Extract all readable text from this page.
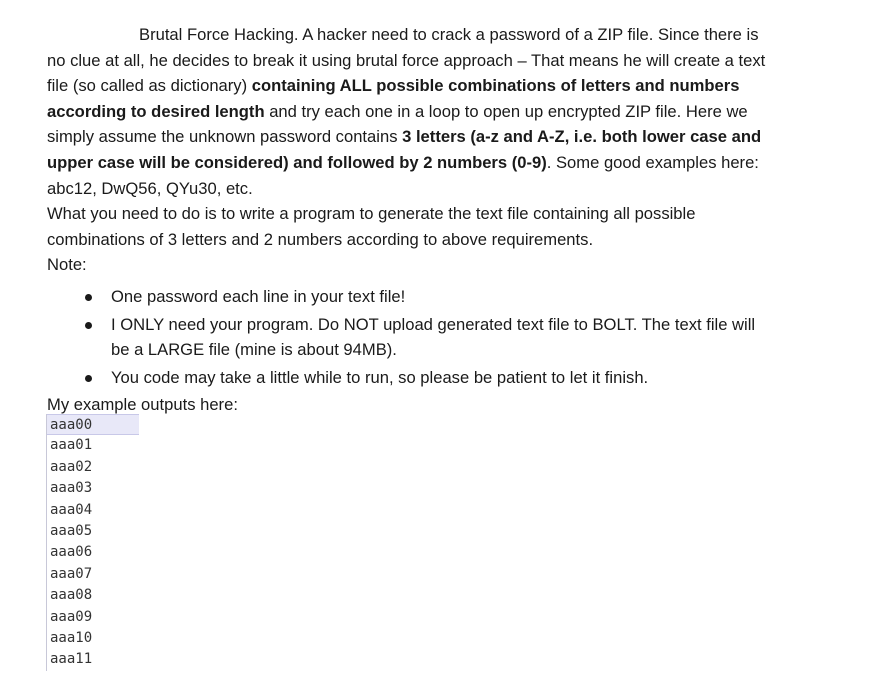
Brutal Force Hacking. A hacker need to crack a password of a ZIP file. Since there is no clue at all, he decides to break it using brutal force approach – That means he will create a text file (so called as dictionary) containing ALL possible combinations of letters and numbers according to desired length and try each one in a loop to open up encrypted ZIP file. Here we simply assume the unknown password contains 3 letters (a-z and A-Z, i.e. both lower case and upper case will be considered) and followed by 2 numbers (0-9). Some good examples here: abc12, DwQ56, QYu30, etc.

What you need to do is to write a program to generate the text file containing all possible combinations of 3 letters and 2 numbers according to above requirements.

Note:

One password each line in your text file!
I ONLY need your program. Do NOT upload generated text file to BOLT. The text file will be a LARGE file (mine is about 94MB).
You code may take a little while to run, so please be patient to let it finish.

My example outputs here:

aaa00
aaa01
aaa02
aaa03
aaa04
aaa05
aaa06
aaa07
aaa08
aaa09
aaa10
aaa11
